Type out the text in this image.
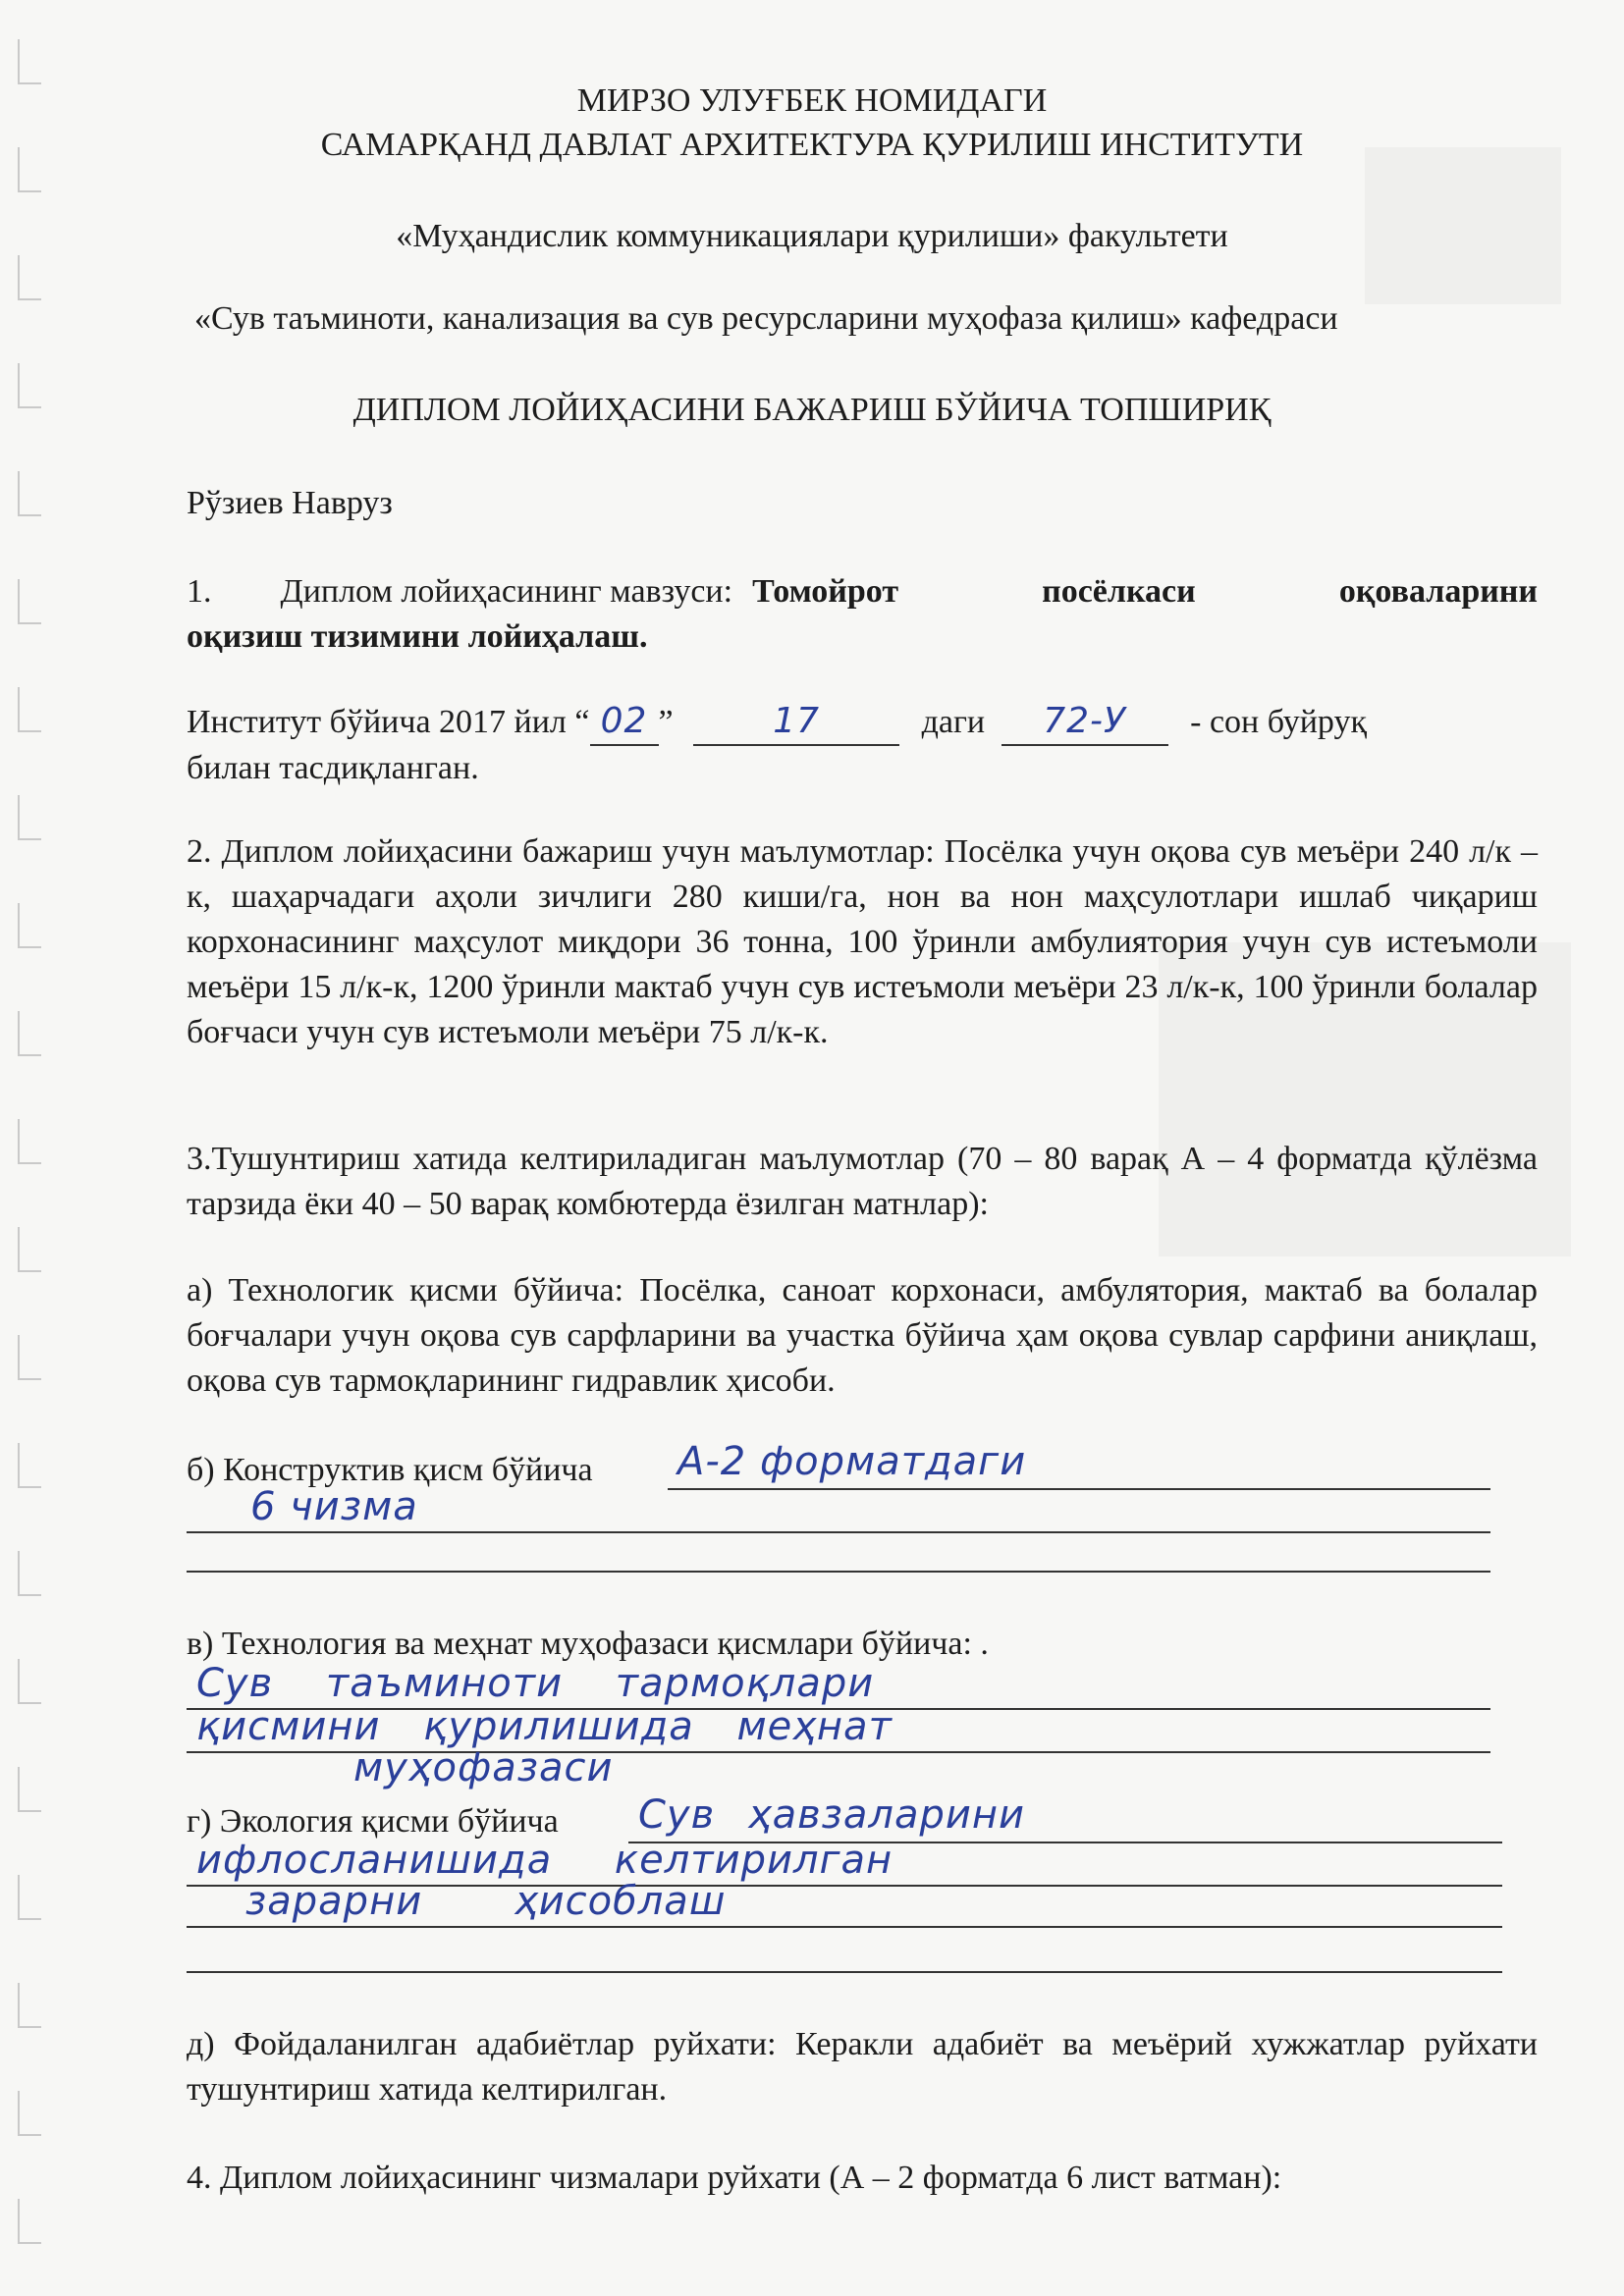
МИРЗО УЛУҒБЕК НОМИДАГИ
САМАРҚАНД ДАВЛАТ АРХИТЕКТУРА ҚУРИЛИШ ИНСТИТУТИ
«Муҳандислик коммуникациялари қурилиши» факультети
«Сув таъминоти, канализация ва сув ресурсларини муҳофаза қилиш» кафедраси
ДИПЛОМ ЛОЙИҲАСИНИ БАЖАРИШ БЎЙИЧА ТОПШИРИҚ
Рўзиев Навруз
1. Диплом лойиҳасининг мавзуси: Томойрот посёлкаси оқоваларини
оқизиш тизимини лойиҳалаш.
Институт бўйича 2017 йил “ 02 ”	17	даги 72-У - сон буйруқ
билан тасдиқланган.
2. Диплом лойиҳасини бажариш учун маълумотлар: Посёлка учун оқова сув меъёри 240 л/к – к, шаҳарчадаги аҳоли зичлиги 280 киши/га, нон ва нон маҳсулотлари ишлаб чиқариш корхонасининг маҳсулот миқдори 36 тонна, 100 ўринли амбулиятория учун сув истеъмоли меъёри 15 л/к-к, 1200 ўринли мактаб учун сув истеъмоли меъёри 23 л/к-к, 100 ўринли болалар боғчаси учун сув истеъмоли меъёри 75 л/к-к.
3.Тушунтириш хатида келтириладиган маълумотлар (70 – 80 варақ А – 4 форматда қўлёзма тарзида ёки 40 – 50 варақ комбютерда ёзилган матнлар):
а) Технологик қисми бўйича: Посёлка, саноат корхонаси, амбулятория, мактаб ва болалар боғчалари учун оқова сув сарфларини ва участка бўйича ҳам оқова сувлар сарфини аниқлаш, оқова сув тармоқларининг гидравлик ҳисоби.
б) Конструктив қисм бўйича А-2 форматдаги
6 чизма
в) Технология ва меҳнат муҳофазаси қисмлари бўйича: .
Сув таъминоти тармоқлари
қисмини қурилишида меҳнат
муҳофазаси
г) Экология қисми бўйича Сув ҳавзаларини
ифлосланишида келтирилган
зарарни ҳисоблаш
д) Фойдаланилган адабиётлар руйхати: Керакли адабиёт ва меъёрий хужжатлар руйхати тушунтириш хатида келтирилган.
4. Диплом лойиҳасининг чизмалари руйхати (А – 2 форматда 6 лист ватман):
